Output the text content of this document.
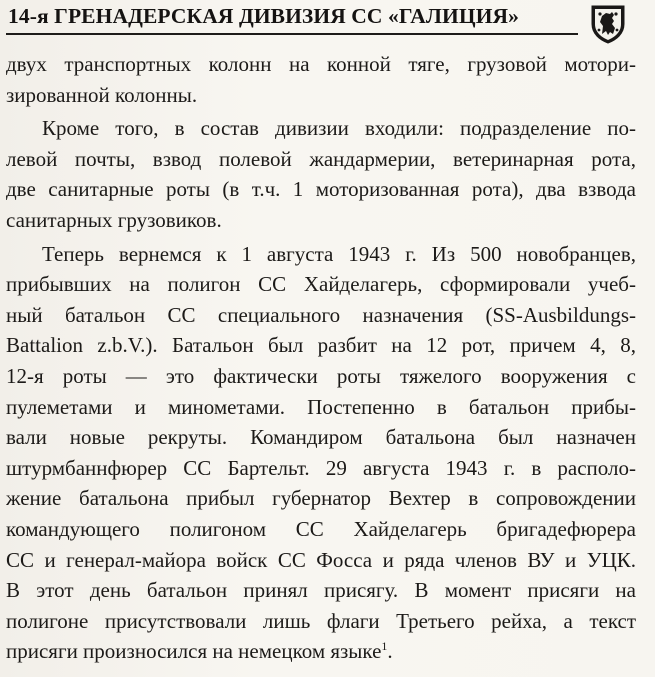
14-я ГРЕНАДЕРСКАЯ ДИВИЗИЯ СС «ГАЛИЦИЯ»
двух транспортных колонн на конной тяге, грузовой мотори-
зированной колонны.
Кроме того, в состав дивизии входили: подразделение по-
левой почты, взвод полевой жандармерии, ветеринарная рота,
две санитарные роты (в т.ч. 1 моторизованная рота), два взвода
санитарных грузовиков.
Теперь вернемся к 1 августа 1943 г. Из 500 новобранцев,
прибывших на полигон СС Хайделагерь, сформировали учеб-
ный батальон СС специального назначения (SS-Ausbildungs-
Battalion z.b.V.). Батальон был разбит на 12 рот, причем 4, 8,
12-я роты — это фактически роты тяжелого вооружения с
пулеметами и минометами. Постепенно в батальон прибы-
вали новые рекруты. Командиром батальона был назначен
штурмбаннфюрер СС Бартельт. 29 августа 1943 г. в располо-
жение батальона прибыл губернатор Вехтер в сопровождении
командующего полигоном СС Хайделагерь бригадефюрера
СС и генерал-майора войск СС Фосса и ряда членов ВУ и УЦК.
В этот день батальон принял присягу. В момент присяги на
полигоне присутствовали лишь флаги Третьего рейха, а текст
присяги произносился на немецком языке$^1$.
